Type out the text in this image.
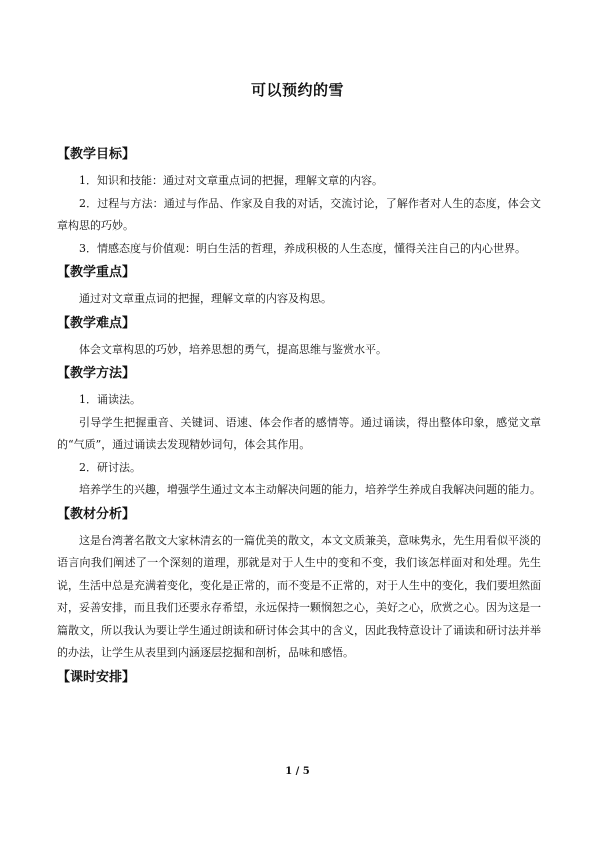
可以预约的雪
【教学目标】

1．知识和技能：通过对文章重点词的把握，理解文章的内容。

2．过程与方法：通过与作品、作家及自我的对话，交流讨论，了解作者对人生的态度，体会文章构思的巧妙。

3．情感态度与价值观：明白生活的哲理，养成积极的人生态度，懂得关注自己的内心世界。

【教学重点】

通过对文章重点词的把握，理解文章的内容及构思。

【教学难点】

体会文章构思的巧妙，培养思想的勇气，提高思维与鉴赏水平。

【教学方法】

1．诵读法。

引导学生把握重音、关键词、语速、体会作者的感情等。通过诵读，得出整体印象，感觉文章的“气质”，通过诵读去发现精妙词句，体会其作用。

2．研讨法。

培养学生的兴趣，增强学生通过文本主动解决问题的能力，培养学生养成自我解决问题的能力。

【教材分析】

这是台湾著名散文大家林清玄的一篇优美的散文，本文文质兼美，意味隽永，先生用看似平淡的语言向我们阐述了一个深刻的道理，那就是对于人生中的变和不变，我们该怎样面对和处理。先生说，生活中总是充满着变化，变化是正常的，而不变是不正常的，对于人生中的变化，我们要坦然面对，妥善安排，而且我们还要永存希望，永远保持一颗悯恕之心，美好之心，欣赏之心。因为这是一篇散文，所以我认为要让学生通过朗读和研讨体会其中的含义，因此我特意设计了诵读和研讨法并举的办法，让学生从表里到内涵逐层挖掘和剖析，品味和感悟。

【课时安排】
1 / 5
